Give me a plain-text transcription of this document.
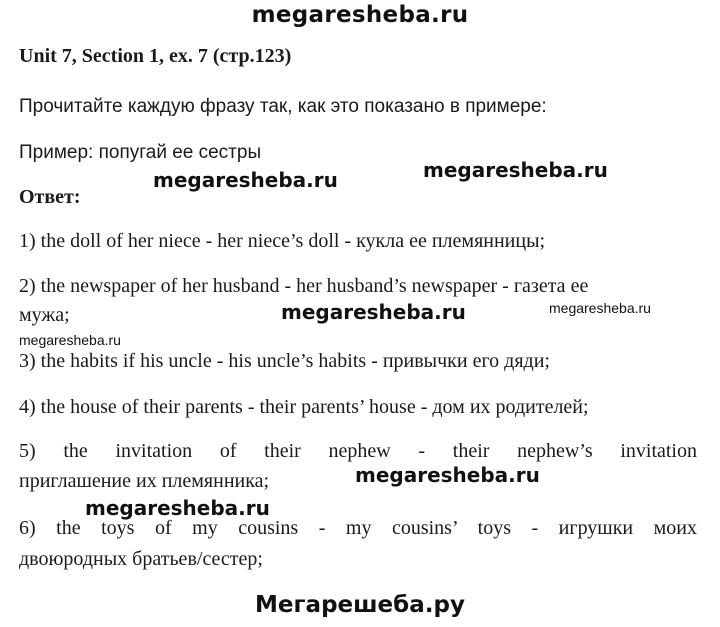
megaresheba.ru
Unit 7, Section 1, ex. 7 (стр.123)
Прочитайте каждую фразу так, как это показано в примере:
Пример: попугай ее сестры
megaresheba.ru
megaresheba.ru
Ответ:
1) the doll of her niece - her niece’s doll - кукла ее племянницы;
2) the newspaper of her husband - her husband’s newspaper - газета ее
мужа;	megaresheba.ru
megaresheba.ru
megaresheba.ru
3) the habits if his uncle - his uncle’s habits - привычки его дяди;
4) the house of their parents - their parents’ house - дом их родителей;
5) the invitation of their nephew - their nephew’s invitation
приглашение их племянника;	megaresheba.ru
megaresheba.ru
6) the toys of my cousins - my cousins’ toys - игрушки моих
двоюродных братьев/сестер;
Мегарешеба.ру
